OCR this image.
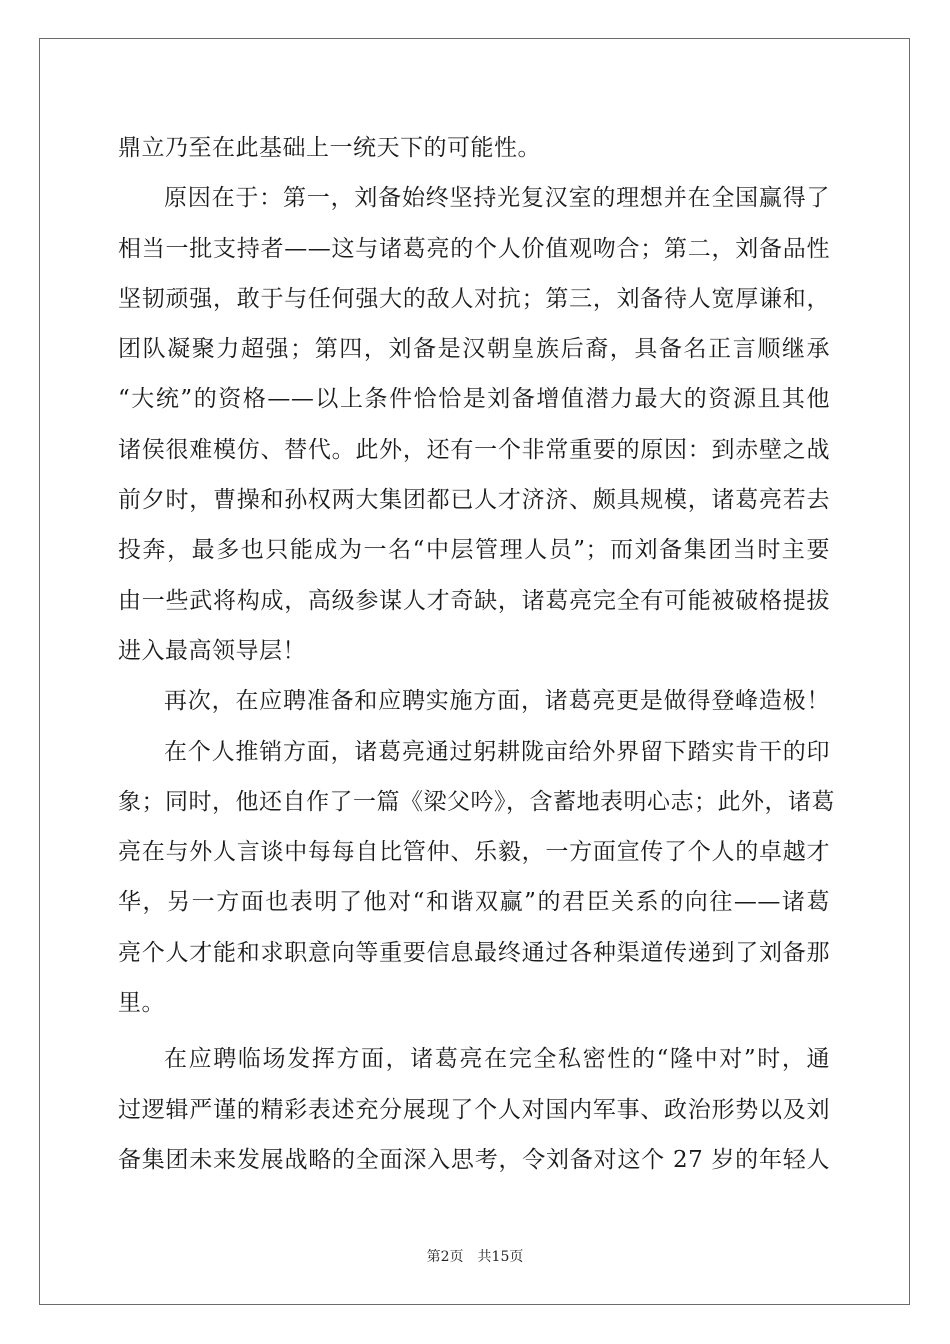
鼎立乃至在此基础上一统天下的可能性。
原因在于：第一，刘备始终坚持光复汉室的理想并在全国赢得了
相当一批支持者——这与诸葛亮的个人价值观吻合；第二，刘备品性
坚韧顽强，敢于与任何强大的敌人对抗；第三，刘备待人宽厚谦和，
团队凝聚力超强；第四，刘备是汉朝皇族后裔，具备名正言顺继承
“大统”的资格——以上条件恰恰是刘备增值潜力最大的资源且其他
诸侯很难模仿、替代。此外，还有一个非常重要的原因：到赤壁之战
前夕时，曹操和孙权两大集团都已人才济济、颇具规模，诸葛亮若去
投奔，最多也只能成为一名“中层管理人员”；而刘备集团当时主要
由一些武将构成，高级参谋人才奇缺，诸葛亮完全有可能被破格提拔
进入最高领导层！
再次，在应聘准备和应聘实施方面，诸葛亮更是做得登峰造极！
在个人推销方面，诸葛亮通过躬耕陇亩给外界留下踏实肯干的印
象；同时，他还自作了一篇《梁父吟》，含蓄地表明心志；此外，诸葛
亮在与外人言谈中每每自比管仲、乐毅，一方面宣传了个人的卓越才
华，另一方面也表明了他对“和谐双赢”的君臣关系的向往——诸葛
亮个人才能和求职意向等重要信息最终通过各种渠道传递到了刘备那
里。
在应聘临场发挥方面，诸葛亮在完全私密性的“隆中对”时，通
过逻辑严谨的精彩表述充分展现了个人对国内军事、政治形势以及刘
备集团未来发展战略的全面深入思考，令刘备对这个 27 岁的年轻人
第2页 共15页
